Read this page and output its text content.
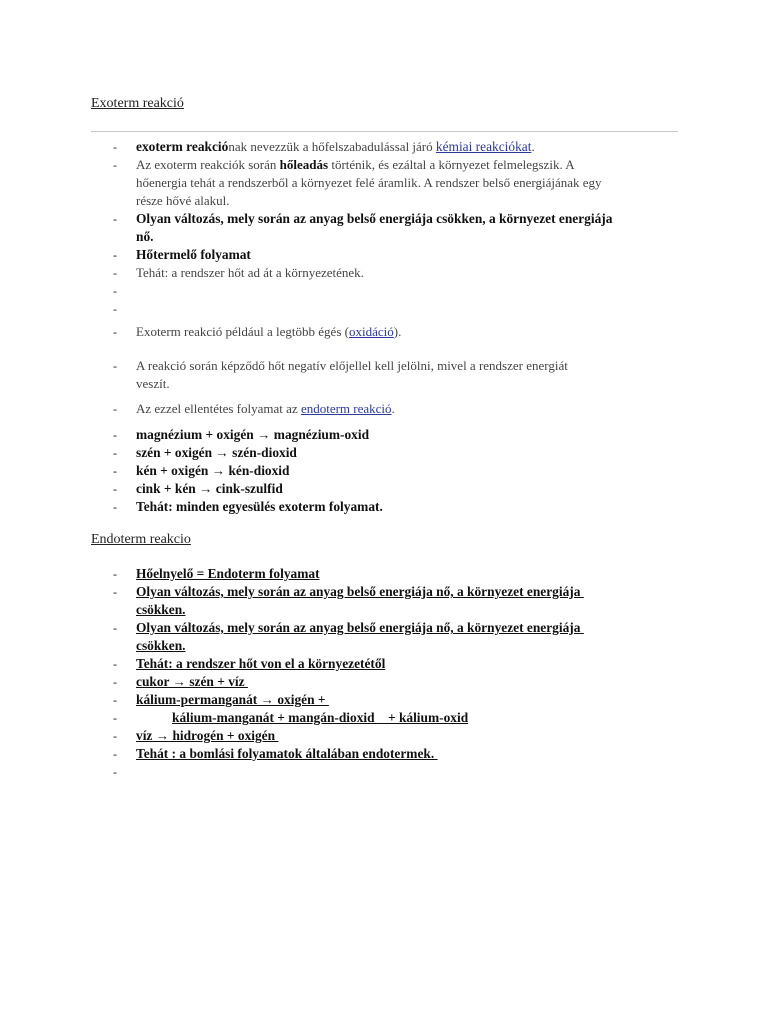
Exoterm reakció
- exoterm reakciónak nevezzük a hőfelszabadulással járó kémiai reakciókat.
- Az exoterm reakciók során hőleadás történik, és ezáltal a környezet felmelegszik. A
hőenergia tehát a rendszerből a környezet felé áramlik. A rendszer belső energiájának egy
része hővé alakul.
- Olyan változás, mely során az anyag belső energiája csökken, a környezet energiája
nő.
- Hőtermelő folyamat
- Tehát: a rendszer hőt ad át a környezetének.
-

-

- Exoterm reakció például a legtöbb égés (oxidáció).
- A reakció során képződő hőt negatív előjellel kell jelölni, mivel a rendszer energiát
veszít.
- Az ezzel ellentétes folyamat az endoterm reakció.
- magnézium + oxigén → magnézium-oxid
- szén + oxigén → szén-dioxid
- kén + oxigén → kén-dioxid
- cink + kén → cink-szulfid
- Tehát: minden egyesülés exoterm folyamat.
Endoterm reakcio
- Hőelnyelő = Endoterm folyamat
- Olyan változás, mely során az anyag belső energiája nő, a környezet energiája
csökken.
- Olyan változás, mely során az anyag belső energiája nő, a környezet energiája
csökken.
- Tehát: a rendszer hőt von el a környezetétől
- cukor → szén + víz
- kálium-permanganát → oxigén +
-	kálium-manganát + mangán-dioxid    + kálium-oxid
- víz → hidrogén + oxigén
- Tehát : a bomlási folyamatok általában endotermek.
-
